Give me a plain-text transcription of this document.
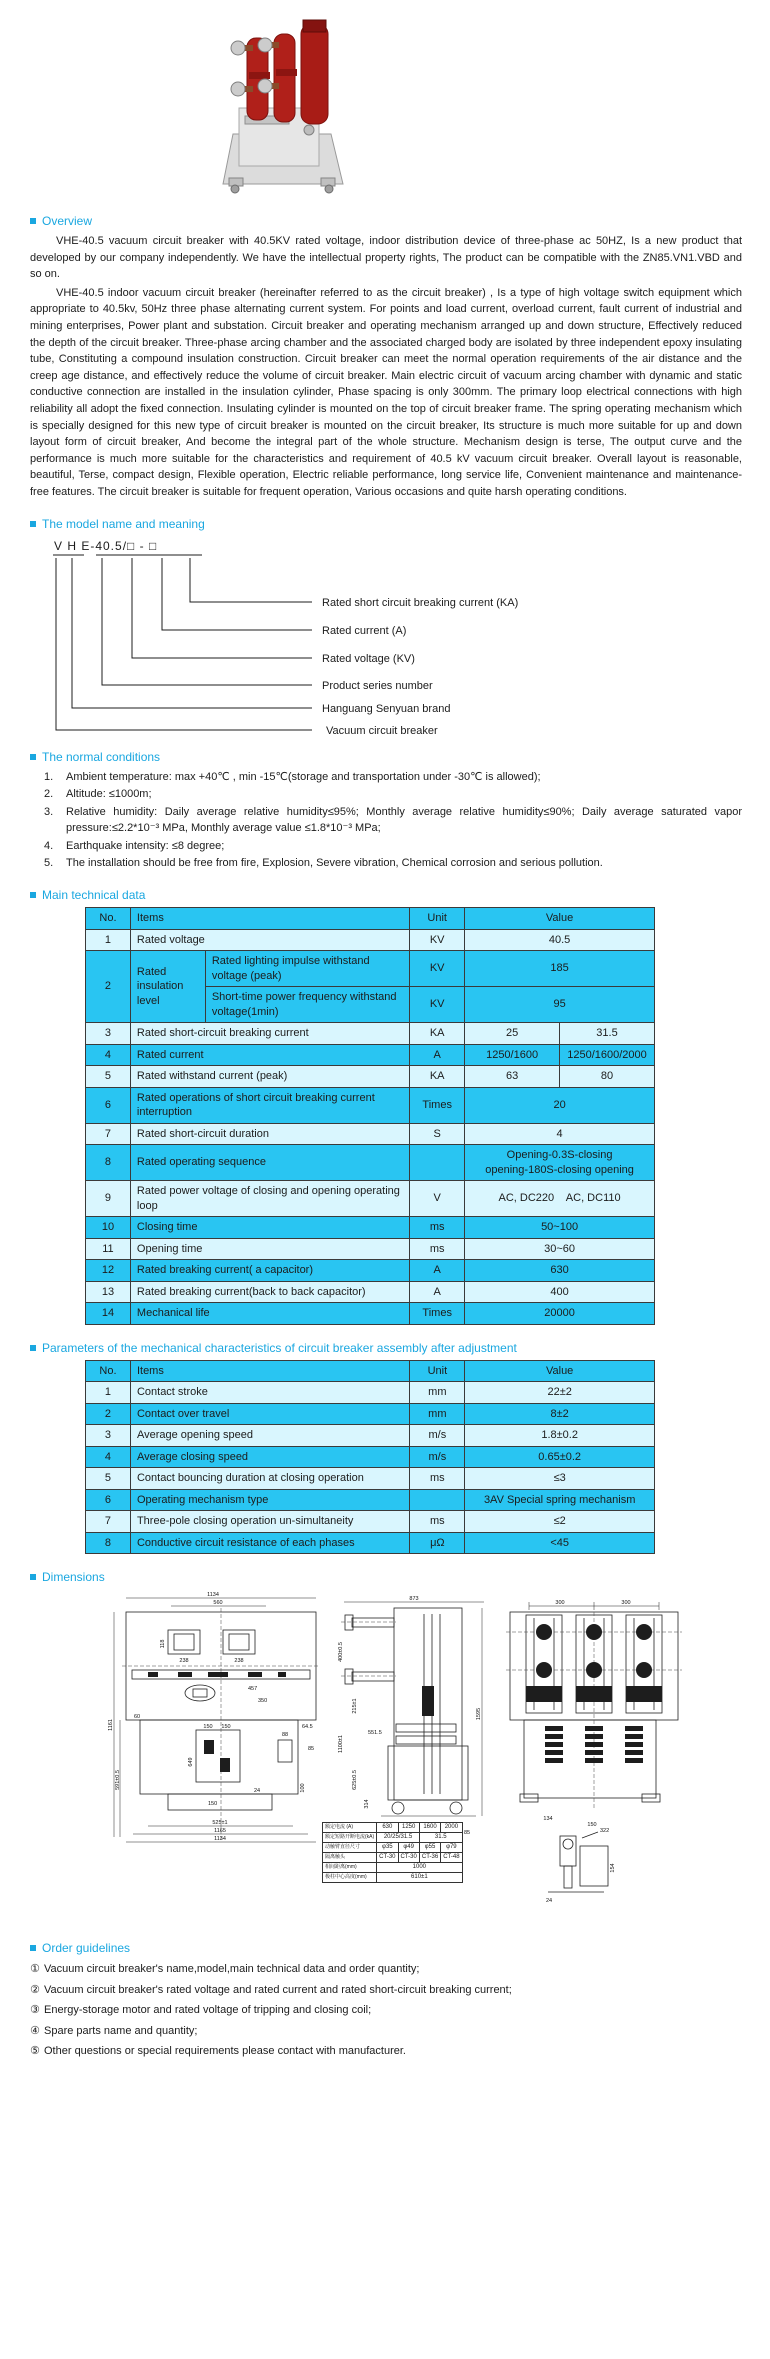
Overview

VHE-40.5 vacuum circuit breaker with 40.5KV rated voltage, indoor distribution device of three-phase ac 50HZ, Is a new product that developed by our company independently. We have the intellectual property rights, The product can be compatible with the ZN85.VN1.VBD and so on.

VHE-40.5 indoor vacuum circuit breaker (hereinafter referred to as the circuit breaker) , Is a type of high voltage switch equipment which appropriate to 40.5kv, 50Hz three phase alternating current system. For points and load current, overload current, fault current of industrial and mining enterprises, Power plant and substation. Circuit breaker and operating mechanism arranged up and down structure, Effectively reduced the depth of the circuit breaker. Three-phase arcing chamber and the associated charged body are isolated by three independent epoxy insulating tube, Constituting a compound insulation construction. Circuit breaker can meet the normal operation requirements of the air distance and the creep age distance, and effectively reduce the volume of circuit breaker. Main electric circuit of vacuum arcing chamber with dynamic and static conductive connection are installed in the insulation cylinder, Phase spacing is only 300mm. The primary loop electrical connections with high reliability all adopt the fixed connection. Insulating cylinder is mounted on the top of circuit breaker frame. The spring operating mechanism which is specially designed for this new type of circuit breaker is mounted on the circuit breaker, Its structure is much more suitable for up and down layout form of circuit breaker, And become the integral part of the whole structure. Mechanism design is terse, The output curve and the performance is much more suitable for the characteristics and requirement of 40.5 kV vacuum circuit breaker. Overall layout is reasonable, beautiful, Terse, compact design, Flexible operation, Electric reliable performance, long service life, Convenient maintenance and maintenance-free features. The circuit breaker is suitable for frequent operation, Various occasions and quite harsh operating conditions.

The model name and meaning
V H E-40.5/□ - □
Rated short circuit breaking current (KA)
Rated current (A)
Rated voltage (KV)
Product series number
Hanguang Senyuan brand
Vacuum circuit breaker
The normal conditions
1. Ambient temperature: max +40℃ , min -15℃(storage and transportation under -30℃ is allowed);
2. Altitude: ≤1000m;
3. Relative humidity: Daily average relative humidity≤95%; Monthly average relative humidity≤90%; Daily average saturated vapor pressure:≤2.2*10⁻³ MPa, Monthly average value ≤1.8*10⁻³ MPa;
4. Earthquake intensity: ≤8 degree;
5. The installation should be free from fire, Explosion, Severe vibration, Chemical corrosion and serious pollution.
Main technical data
No.	Items		Unit	Value	
1	Rated voltage		KV	40.5	
2	Rated insulation level	Rated lighting impulse withstand voltage (peak)	KV	185	
		Short-time power frequency withstand voltage(1min)	KV	95	
3	Rated short-circuit breaking current		KA	25	31.5
4	Rated current		A	1250/1600	1250/1600/2000
5	Rated withstand current (peak)		KA	63	80
6	Rated operations of short circuit breaking current interruption		Times	20	
7	Rated short-circuit duration		S	4	
8	Rated operating sequence			Opening-0.3S-closing
opening-180S-closing opening	

9	Rated power voltage of closing and opening operating loop		V	AC, DC220    AC, DC110	
10	Closing time		ms	50~100	
11	Opening time		ms	30~60	
12	Rated breaking current( a capacitor)		A	630	
13	Rated breaking current(back to back capacitor)		A	400	
14	Mechanical life		Times	20000	
Parameters of the mechanical characteristics of circuit breaker assembly after adjustment
No.	Items	Unit	Value
1	Contact stroke	mm	22±2
2	Contact over travel	mm	8±2
3	Average opening speed	m/s	1.8±0.2
4	Average closing speed	m/s	0.65±0.2
5	Contact bouncing duration at closing operation	ms	≤3
6	Operating mechanism type		3AV Special spring mechanism
7	Three-pole closing operation un-simultaneity	ms	≤2
8	Conductive circuit resistance of each phases	μΩ	<45
Dimensions
1134
560
1161
591±0.5
60
64.5
85
100
118
238	238
457
350
150 150
649
88
24
150
525±1
1165
1134
873
400±0.5
215±1
1100±1
625±0.5
551.5
314
1595
85
300	300
134
150
322
154
24
额定电流 (A)	630	1250	1600	2000
额定短路开断电流(kA)	20/25/31.5		31.5	
动触臂直径尺寸	φ35	φ49	φ55	φ79
隔离触头	CT-30	CT-30	CT-36	CT-48
相间距离(mm)	1000			
极柱中心高度(mm)	610±1			
Order guidelines
① Vacuum circuit breaker's name,model,main technical data and order quantity;
② Vacuum circuit breaker's rated voltage and rated current and rated short-circuit breaking current;
③ Energy-storage motor and rated voltage of tripping and closing coil;
④ Spare parts name and quantity;
⑤ Other questions or special requirements please contact with manufacturer.
